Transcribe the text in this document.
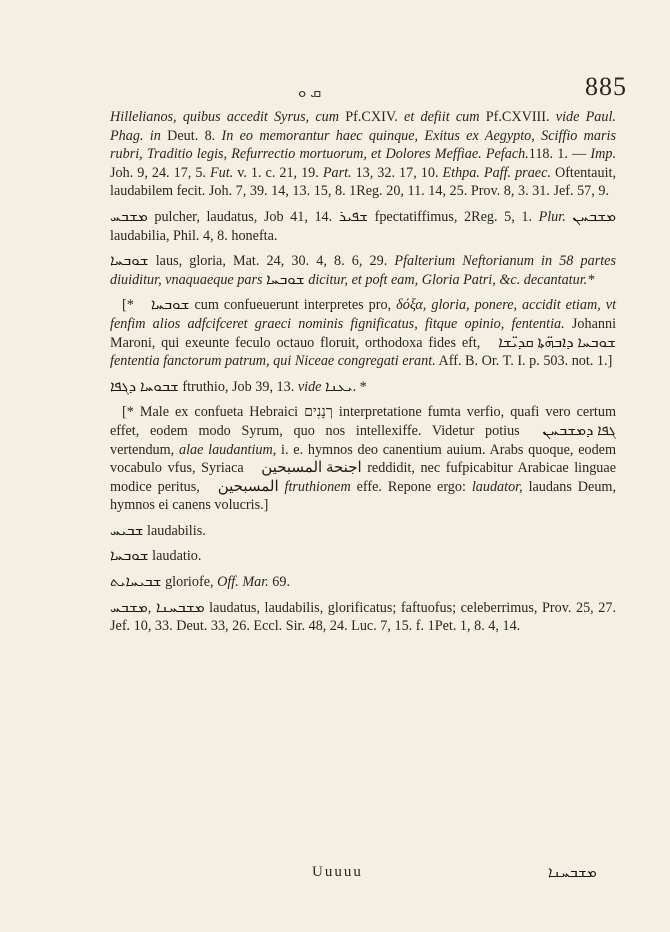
ܩ ܘ	885

Hillelianos, quibus accedit Syrus, cum Pf.CXIV. et defiit cum Pf.CXVIII. vide Paul. Phag. in Deut. 8. In eo memorantur haec quinque, Exitus ex Aegypto, Sciffio maris rubri, Traditio legis, Refurrectio mortuorum, et Dolores Meffiae. Pefach.118. 1. — Imp. Joh. 9, 24. 17, 5. Fut. v. 1. c. 21, 19. Part. 13, 32. 17, 10. Ethpa. Paff. praec. Oftentauit, laudabilem fecit. Joh. 7, 39. 14, 13. 15, 8. 1Reg. 20, 11. 14, 25. Prov. 8, 3. 31. Jef. 57, 9.

ܡܫܒܚ pulcher, laudatus, Job 41, 14. ܫܦܝܪ fpectatiffimus, 2Reg. 5, 1. Plur. ܡܫܒܚܢ laudabilia, Phil. 4, 8. honefta.

ܫܘܒܚܐ laus, gloria, Mat. 24, 30. 4, 8. 6, 29. Pfalterium Neftorianum in 58 partes diuiditur, vnaquaeque pars ܫܘܒܚܐ dicitur, et poft eam, Gloria Patri, &c. decantatur.*

[* ܫܘܒܚܐ cum confueuerunt interpretes pro, δόξα, gloria, ponere, accidit etiam, vt fenfim alios adfcifceret graeci nominis fignificatus, fitque opinio, fententia. Johanni Maroni, qui exeunte feculo octauo floruit, orthodoxa fides eft, ܫܘܒܚܐ ܕܐܒܗ̈ܬܐ ܩܕܝ̈ܫܐ fententia fanctorum patrum, qui Niceae congregati erant. Aff. B. Or. T. I. p. 503. not. 1.]

ܫܒܘܚܐ ܕܓܦܐ ftruthio, Job 39, 13. vide ܝܥܢܐ. *

[* Male ex confueta Hebraici רְנָנִים interpretatione fumta verfio, quafi vero certum effet, eodem modo Syrum, quo nos intellexiffe. Videtur potius ܓܦܐ ܕܡܫܒܚܢ vertendum, alae laudantium, i. e. hymnos deo canentium auium. Arabs quoque, eodem vocabulo vfus, Syriaca اجنحة المسبحين reddidit, nec fufpicabitur Arabicae linguae modice peritus, المسبحين ftruthionem effe. Repone ergo: laudator, laudans Deum, hymnos ei canens volucris.]

ܫܒܝܚ laudabilis.

ܫܘܒܚܐ laudatio.

ܫܒܝܚܐܝܬ gloriofe, Off. Mar. 69.

ܡܫܒܚ, ܡܫܒܚܢܐ laudatus, laudabilis, glorificatus; faftuofus; celeberrimus, Prov. 25, 27. Jef. 10, 33. Deut. 33, 26. Eccl. Sir. 48, 24. Luc. 7, 15. f. 1Pet. 1, 8. 4, 14.

Uuuuu	ܡܫܒܚܢܐ
